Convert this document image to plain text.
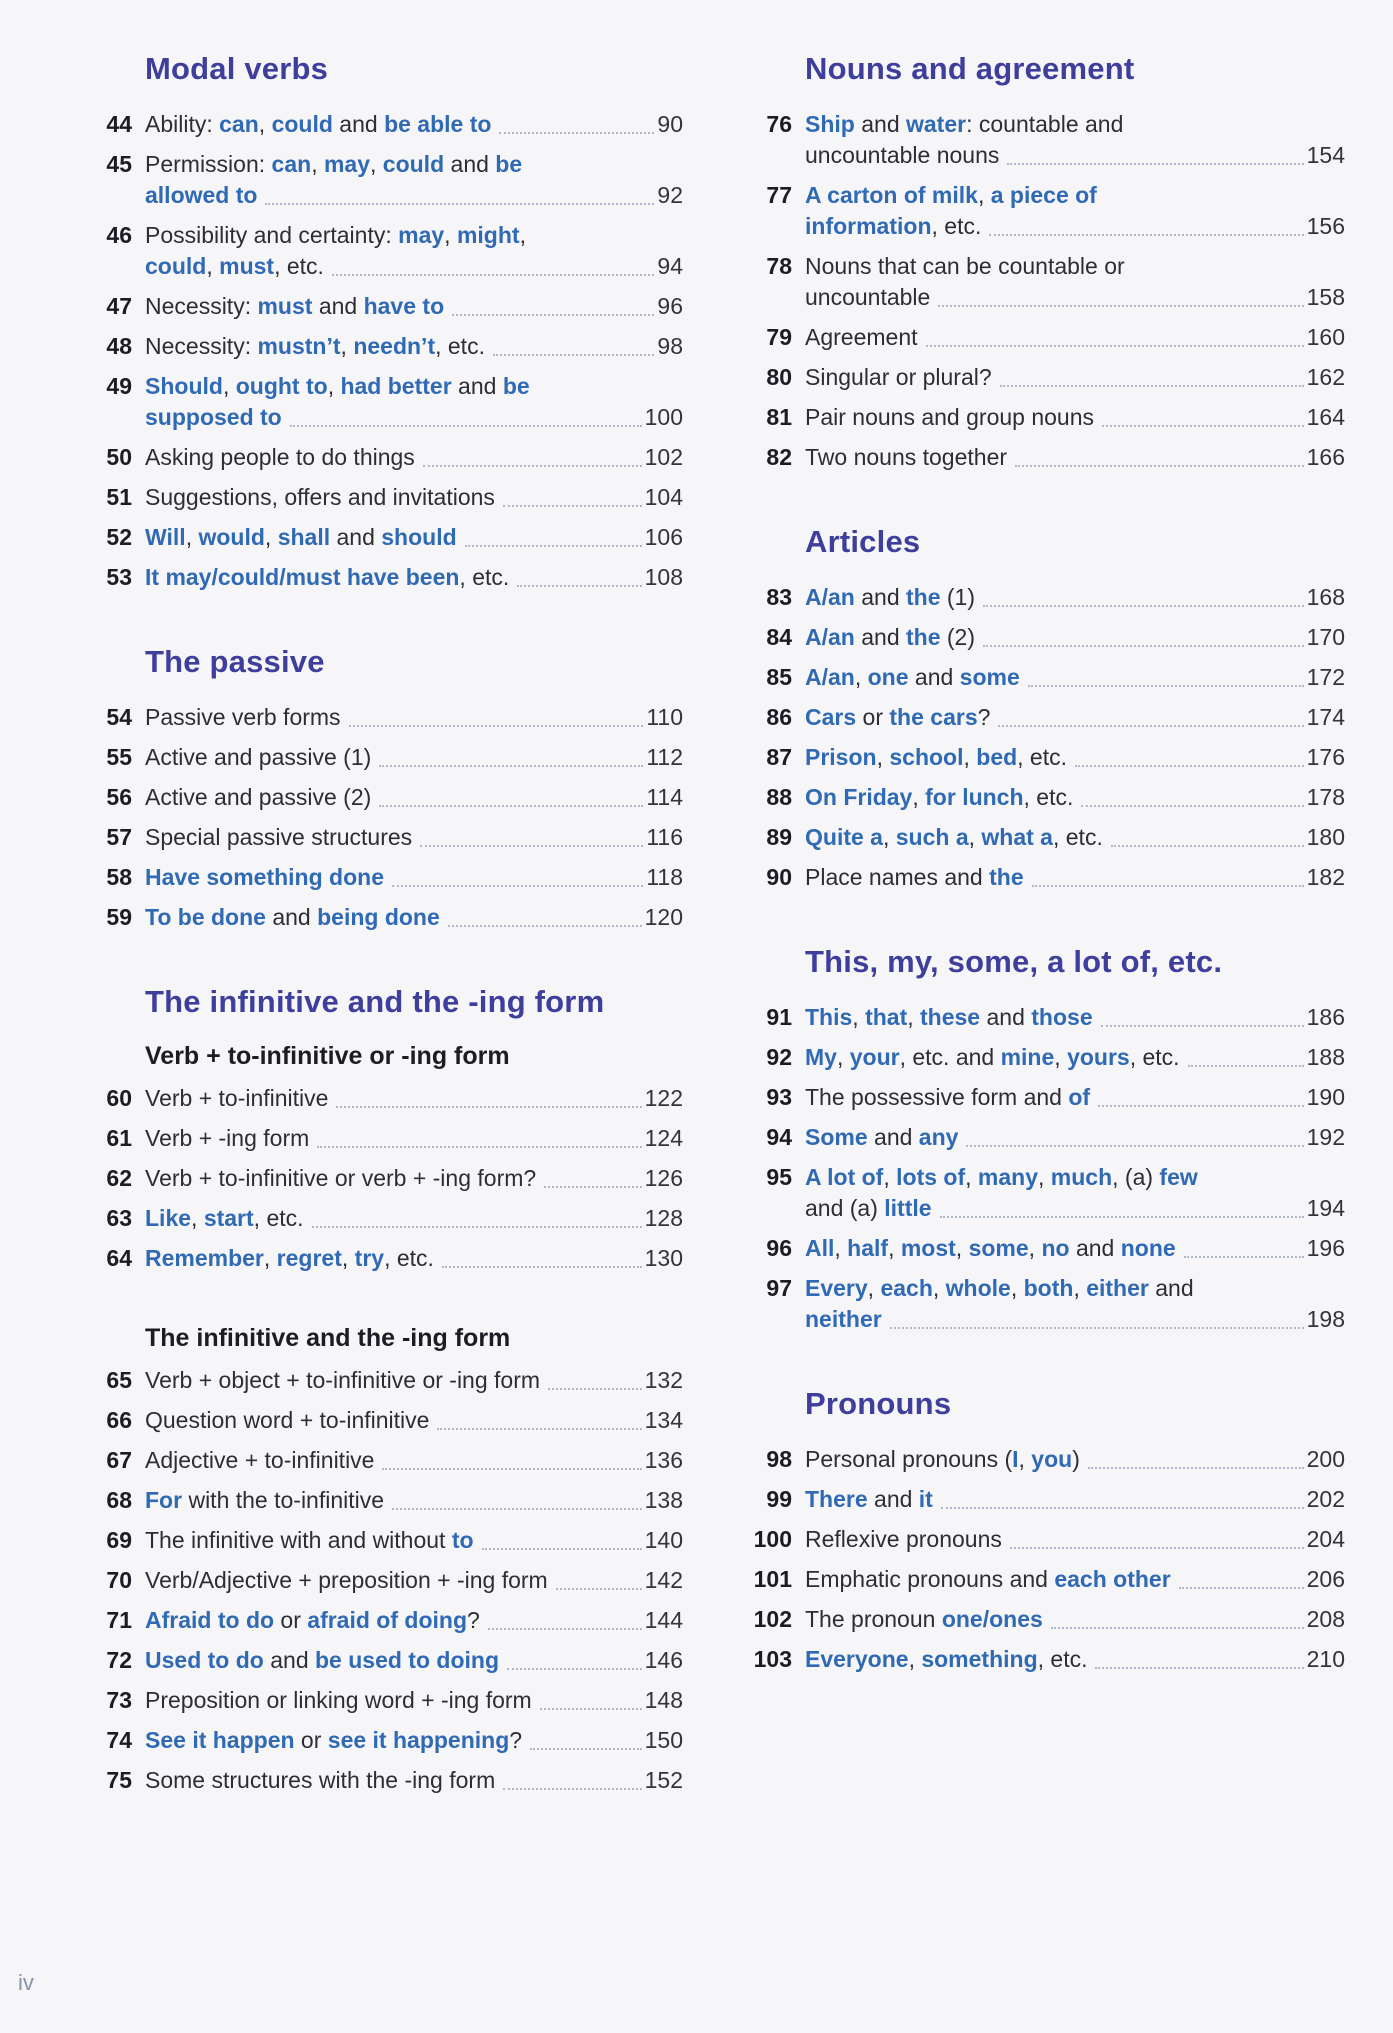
Modal verbs
44 Ability: can, could and be able to	90
45 Permission: can, may, could and be
allowed to	92
46 Possibility and certainty: may, might,
could, must, etc.	94
47 Necessity: must and have to	96
48 Necessity: mustn’t, needn’t, etc.	98
49 Should, ought to, had better and be
supposed to	100
50 Asking people to do things	102
51 Suggestions, offers and invitations	104
52 Will, would, shall and should	106
53 It may/could/must have been, etc.	108
The passive
54 Passive verb forms	110
55 Active and passive (1)	112
56 Active and passive (2)	114
57 Special passive structures	116
58 Have something done	118
59 To be done and being done	120
The infinitive and the -ing form
Verb + to-infinitive or -ing form
60 Verb + to-infinitive	122
61 Verb + -ing form	124
62 Verb + to-infinitive or verb + -ing form?	126
63 Like, start, etc.	128
64 Remember, regret, try, etc.	130
The infinitive and the -ing form
65 Verb + object + to-infinitive or -ing form	132
66 Question word + to-infinitive	134
67 Adjective + to-infinitive	136
68 For with the to-infinitive	138
69 The infinitive with and without to	140
70 Verb/Adjective + preposition + -ing form	142
71 Afraid to do or afraid of doing?	144
72 Used to do and be used to doing	146
73 Preposition or linking word + -ing form	148
74 See it happen or see it happening?	150
75 Some structures with the -ing form	152
Nouns and agreement
76 Ship and water: countable and
uncountable nouns	154
77 A carton of milk, a piece of
information, etc.	156
78 Nouns that can be countable or
uncountable	158
79 Agreement	160
80 Singular or plural?	162
81 Pair nouns and group nouns	164
82 Two nouns together	166
Articles
83 A/an and the (1)	168
84 A/an and the (2)	170
85 A/an, one and some	172
86 Cars or the cars?	174
87 Prison, school, bed, etc.	176
88 On Friday, for lunch, etc.	178
89 Quite a, such a, what a, etc.	180
90 Place names and the	182
This, my, some, a lot of, etc.
91 This, that, these and those	186
92 My, your, etc. and mine, yours, etc.	188
93 The possessive form and of	190
94 Some and any	192
95 A lot of, lots of, many, much, (a) few
and (a) little	194
96 All, half, most, some, no and none	196
97 Every, each, whole, both, either and
neither	198
Pronouns
98 Personal pronouns (I, you)	200
99 There and it	202
100 Reflexive pronouns	204
101 Emphatic pronouns and each other	206
102 The pronoun one/ones	208
103 Everyone, something, etc.	210
iv
